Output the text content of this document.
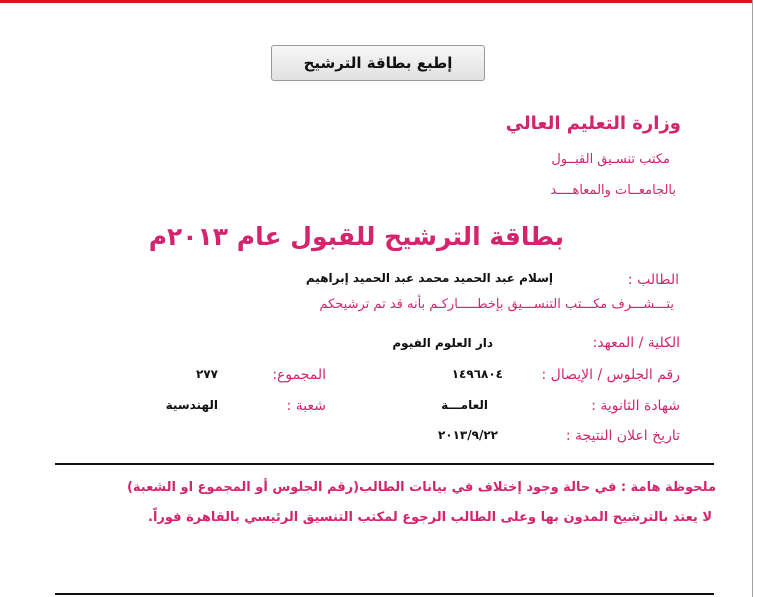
إطبع بطاقة الترشيح
وزارة التعليم العالي
مكتب تنسـيق القبــول
بالجامعــات والمعاهــــد
بطاقة الترشيح للقبول عام ٢٠١٣م
الطالب :
إسلام عبد الحميد محمد عبد الحميد إبراهيم
يتـــشـــرف مكـــتب التنســـيق بإخطـــــاركـم بأنه قد تم ترشيحكم
الكلية / المعهد:
دار العلوم الفيوم
رقم الجلوس / الإيصال :
١٤٩٦٨٠٤
المجموع:
٢٧٧
شهادة الثانوية :
العامـــة
شعبة :
الهندسية
تاريخ اعلان النتيجة :
٢٠١٣/٩/٢٢
ملحوظة هامة : في حالة وجود إختلاف في بيانات الطالب(رقم الجلوس أو المجموع او الشعبة)
لا يعتد بالترشيح المدون بها وعلى الطالب الرجوع لمكتب التنسيق الرئيسي بالقاهرة فوراً.
